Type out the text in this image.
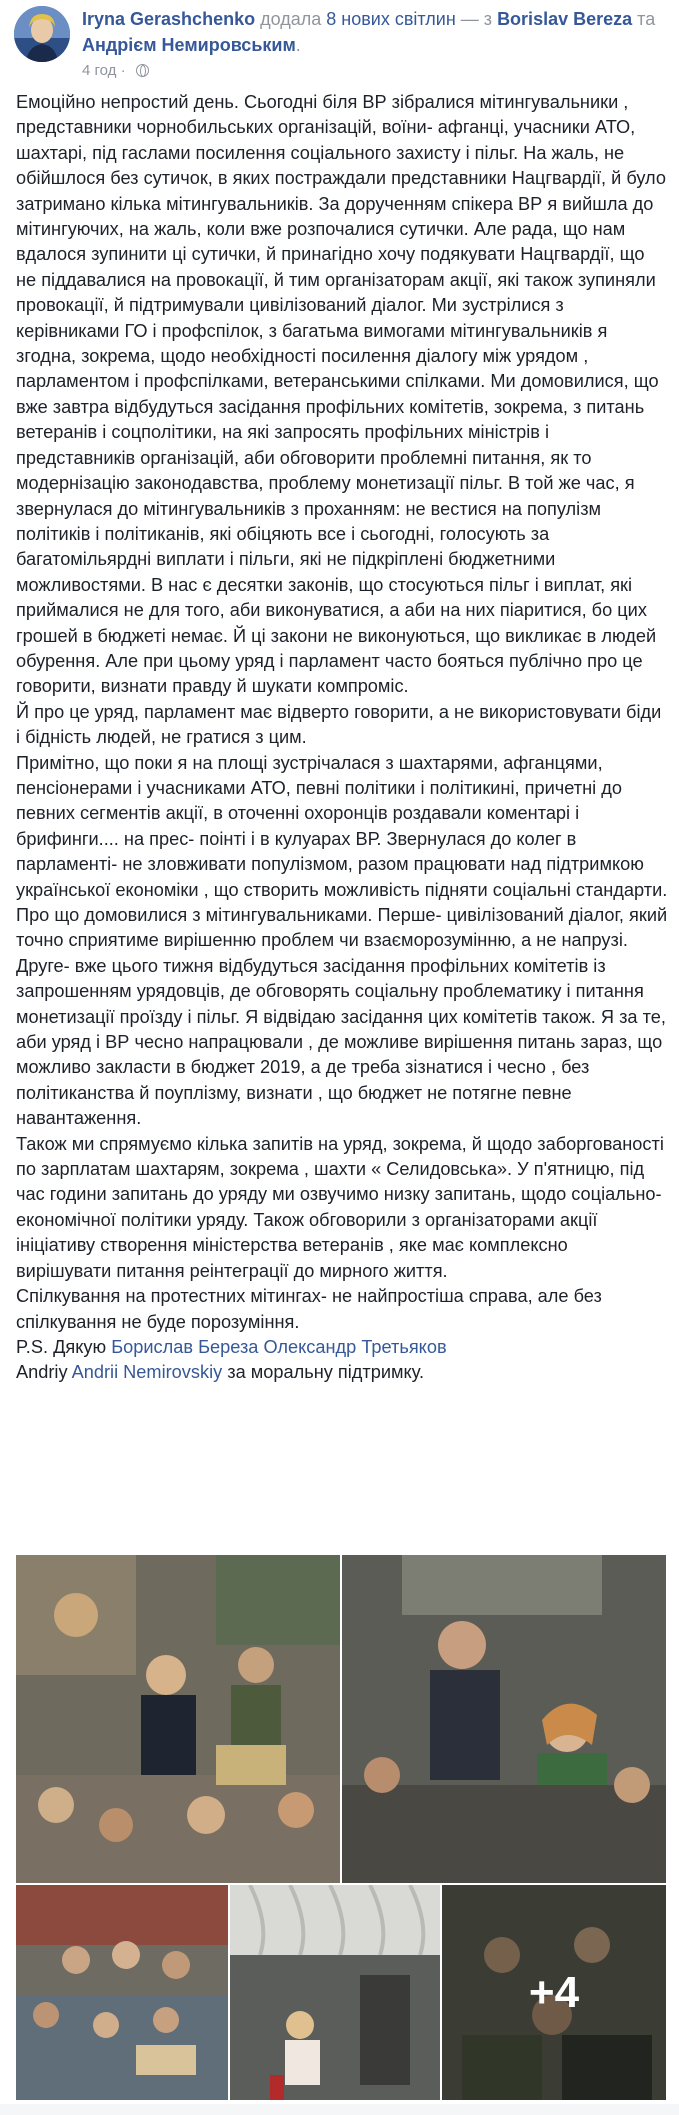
Iryna Gerashchenko додала 8 нових світлин — з Borislav Bereza та Андрієм Немировським.
4 год ·

Емоційно непростий день. Сьогодні біля ВР зібралися мітингувальники , представники чорнобильських організацій, воїни- афганці, учасники АТО, шахтарі, під гаслами посилення соціального захисту і пільг. На жаль, не обійшлося без сутичок, в яких постраждали представники Нацгвардії, й було затримано кілька мітингувальників. За дорученням спікера ВР я вийшла до мітингуючих, на жаль, коли вже розпочалися сутички. Але рада, що нам вдалося зупинити ці сутички, й принагідно хочу подякувати Нацгвардії, що не піддавалися на провокації, й тим організаторам акції, які також зупиняли провокації, й підтримували цивілізований діалог. Ми зустрілися з керівниками ГО і профспілок, з багатьма вимогами мітингувальників я згодна, зокрема, щодо необхідності посилення діалогу між урядом , парламентом і профспілками, ветеранськими спілками. Ми домовилися, що вже завтра відбудуться засідання профільних комітетів, зокрема, з питань ветеранів і соцполітики, на які запросять профільних міністрів і представників організацій, аби обговорити проблемні питання, як то модернізацію законодавства, проблему монетизації пільг. В той же час, я звернулася до мітингувальників з проханням: не вестися на популізм політиків і політиканів, які обіцяють все і сьогодні, голосують за багатомільярдні виплати і пільги, які не підкріплені бюджетними можливостями. В нас є десятки законів, що стосуються пільг і виплат, які приймалися не для того, аби виконуватися, а аби на них піаритися, бо цих грошей в бюджеті немає. Й ці закони не виконуються, що викликає в людей обурення. Але при цьому уряд і парламент часто бояться публічно про це говорити, визнати правду й шукати компроміс.

Й про це уряд, парламент має відверто говорити, а не використовувати біди і бідність людей, не гратися з цим.

Примітно, що поки я на площі зустрічалася з шахтарями, афганцями, пенсіонерами і учасниками АТО, певні політики і політикині, причетні до певних сегментів акції, в оточенні охоронців роздавали коментарі і брифинги.... на прес- поінті і в кулуарах ВР. Звернулася до колег в парламенті- не зловживати популізмом, разом працювати над підтримкою української економіки , що створить можливість підняти соціальні стандарти.

Про що домовилися з мітингувальниками. Перше- цивілізований діалог, який точно сприятиме вирішенню проблем чи взаєморозумінню, а не напрузі.

Друге- вже цього тижня відбудуться засідання профільних комітетів із запрошенням урядовців, де обговорять соціальну проблематику і питання монетизації проїзду і пільг. Я відвідаю засідання цих комітетів також. Я за те, аби уряд і ВР чесно напрацювали , де можливе вирішення питань зараз, що можливо закласти в бюджет 2019, а де треба зізнатися і чесно , без політиканства й поуплізму, визнати , що бюджет не потягне певне навантаження.

Також ми спрямуємо кілька запитів на уряд, зокрема, й щодо заборгованості по зарплатам шахтарям, зокрема , шахти « Селидовська». У п'ятницю, під час години запитань до уряду ми озвучимо низку запитань, щодо соціально- економічної політики уряду. Також обговорили з організаторами акції ініціативу створення міністерства ветеранів , яке має комплексно вирішувати питання реінтеграції до мирного життя.

Спілкування на протестних мітингах- не найпростіша справа, але без спілкування не буде порозуміння.

P.S. Дякую Борислав Береза Олександр Третьяков

Andriy Andrii Nemirovskiy за моральну підтримку.

+4
